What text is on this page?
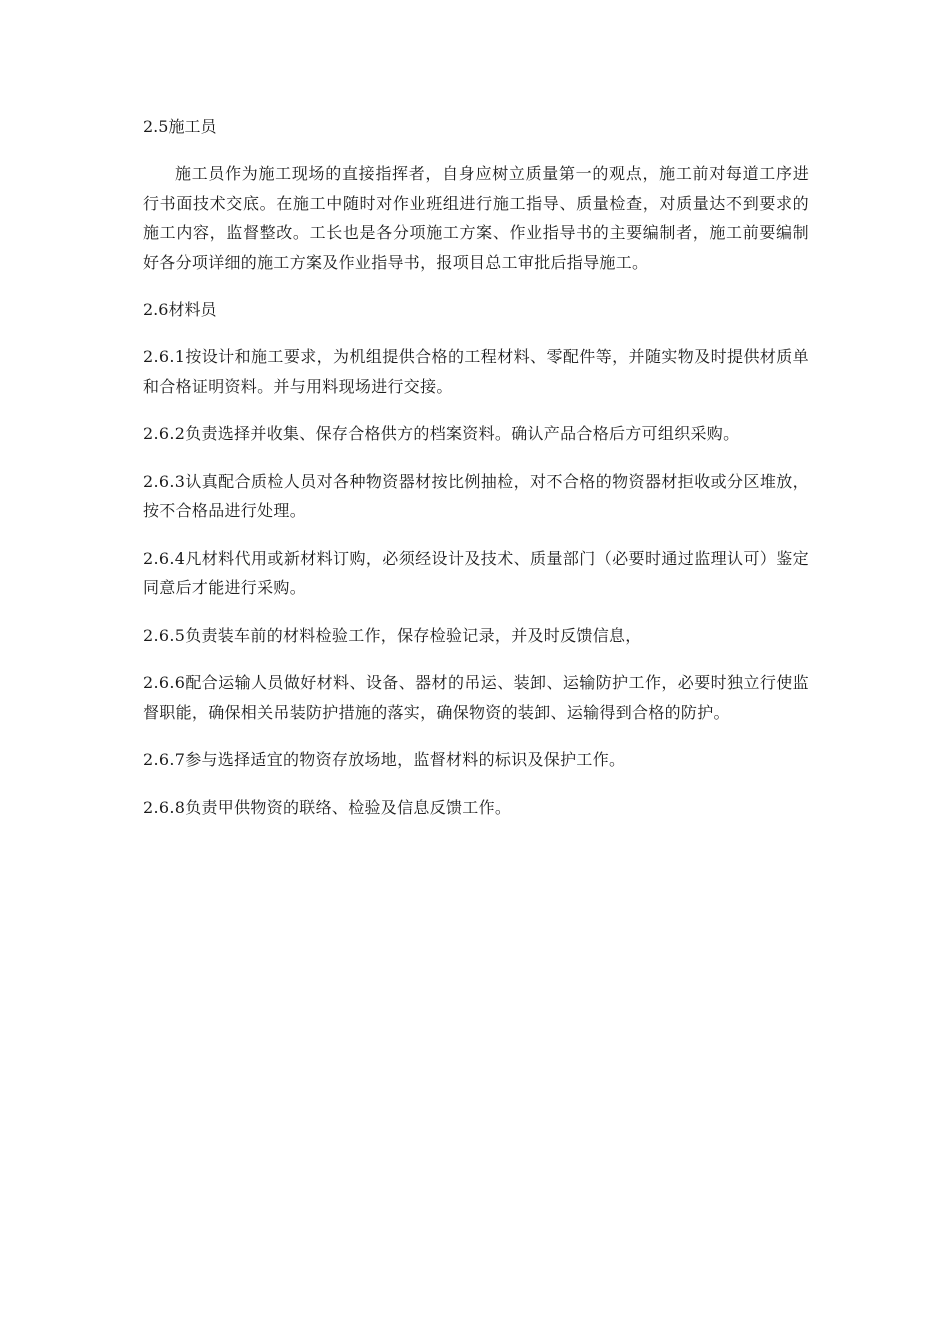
2.5施工员

施工员作为施工现场的直接指挥者，自身应树立质量第一的观点，施工前对每道工序进行书面技术交底。在施工中随时对作业班组进行施工指导、质量检查，对质量达不到要求的施工内容，监督整改。工长也是各分项施工方案、作业指导书的主要编制者，施工前要编制好各分项详细的施工方案及作业指导书，报项目总工审批后指导施工。

2.6材料员

2.6.1按设计和施工要求，为机组提供合格的工程材料、零配件等，并随实物及时提供材质单和合格证明资料。并与用料现场进行交接。

2.6.2负责选择并收集、保存合格供方的档案资料。确认产品合格后方可组织采购。

2.6.3认真配合质检人员对各种物资器材按比例抽检，对不合格的物资器材拒收或分区堆放，按不合格品进行处理。

2.6.4凡材料代用或新材料订购，必须经设计及技术、质量部门（必要时通过监理认可）鉴定同意后才能进行采购。

2.6.5负责装车前的材料检验工作，保存检验记录，并及时反馈信息，

2.6.6配合运输人员做好材料、设备、器材的吊运、装卸、运输防护工作，必要时独立行使监督职能，确保相关吊装防护措施的落实，确保物资的装卸、运输得到合格的防护。

2.6.7参与选择适宜的物资存放场地，监督材料的标识及保护工作。

2.6.8负责甲供物资的联络、检验及信息反馈工作。
